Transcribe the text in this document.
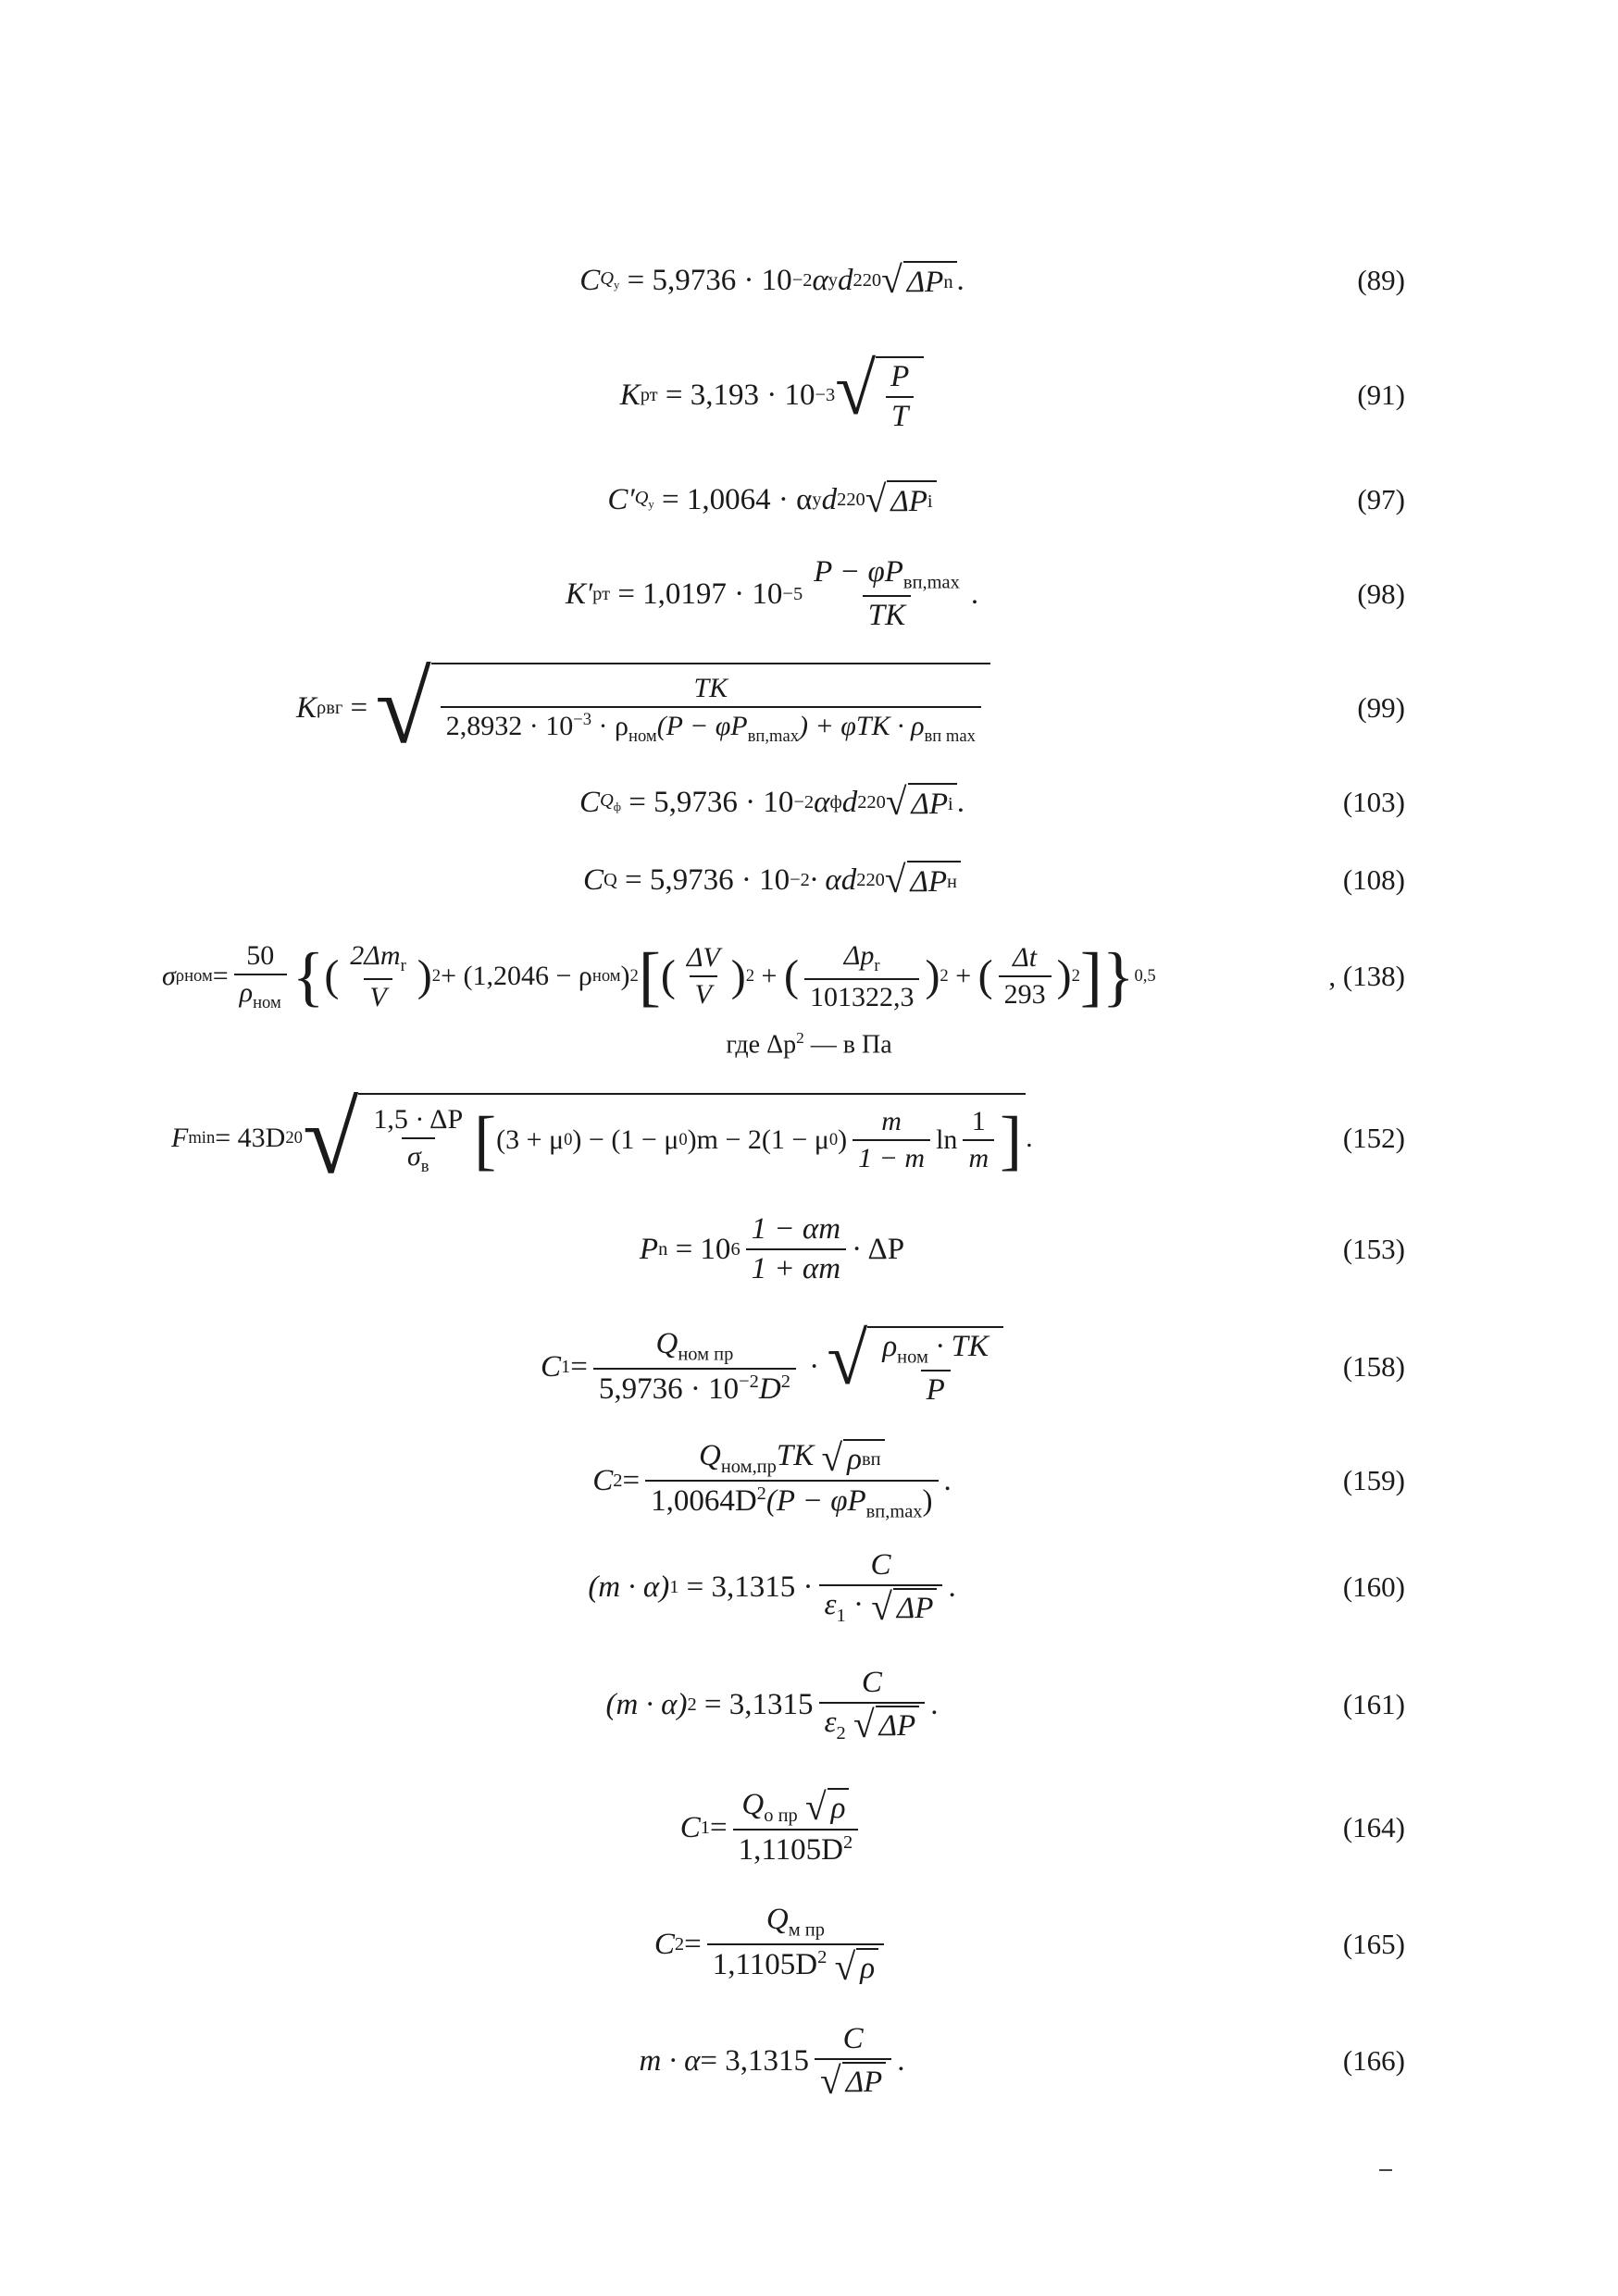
C $Q_y$
= 5,9736 · 10 −2 α y d 2 20 √ ΔP n .	(89)
K рт
= 3,193 · 10 −3 √ P
T
(91)
C′ $Q_y$
= 1,0064 · α y d 2 20 √ ΔP i	(97)
K′ рт
= 1,0197 · 10 −5
$P - \varphi P_{вп,max}$
TK
.	(98)
K ρвг = √	TK
$2,8932 \cdot 10^{-3} \cdot \rho_{ном}(P - \varphi P_{вп,max}) + \varphi TK \cdot \rho_{вп max}$
(99)
C $Q_ф$
= 5,9736 · 10 −2 α ф d 2 20 √ ΔP i .	(103)
C Q
= 5,9736 · 10 −2 · α d 2 20 √ ΔP н	(108)
σ ρном =
50
$\rho_{ном}$ { ( $2\Delta m_r$
V ) 2 + (1,2046 − ρ ном ) 2 [ ( ΔV
V ) 2 + ( $\Delta p_r$
101322,3 ) 2 + ( Δt
293 ) 2 ] } 0,5	, (138)
где $\Delta p^2$ — в Па
F min = 43D 20 √ 1,5 · ΔP
$\sigma_в$ [ (3 + μ 0 ) − (1 − μ 0 )m − 2(1 − μ 0 )
m
1 − m
ln
1
m ] .	(152)
P n
= 10 6
1 − αm
1 + αm
· ΔP	(153)
C 1 =
$Q_{ном пр}$
$5,9736 \cdot 10^{-2}D^2$ · √ $\rho_{ном}$ · TK
P
(158)
C 2 =
$Q_{ном,пр}TK$ √ ρ вп
$1,0064D^2(P - \varphi P_{вп,max})$
.	(159)
(m · α) 1
= 3,1315 ·
C
$\varepsilon_1$ · √ ΔP
.	(160)
(m · α) 2
= 3,1315
C
$\varepsilon_2$ √ ΔP
.	(161)
C 1 =
$Q_{o пр}$ √ ρ
$1,1105D^2$	(164)
C 2 =
$Q_{м пр}$
$1,1105D^2$ √ ρ
(165)
m · α = 3,1315
C
√ ΔP
.	(166)
